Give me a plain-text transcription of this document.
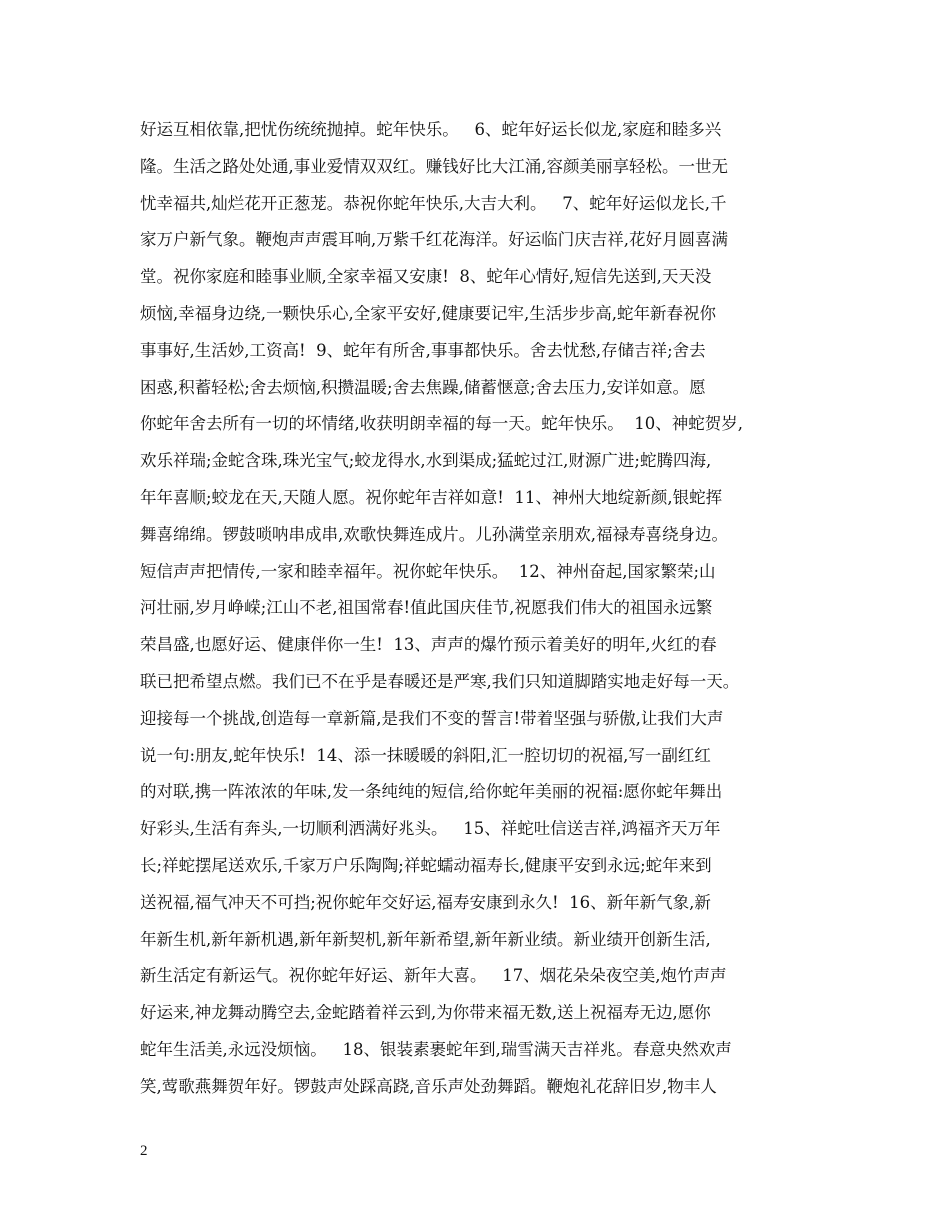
好运互相依靠,把忧伤统统抛掉。蛇年快乐。   6、蛇年好运长似龙,家庭和睦多兴
隆。生活之路处处通,事业爱情双双红。赚钱好比大江涌,容颜美丽享轻松。一世无
忧幸福共,灿烂花开正葱茏。恭祝你蛇年快乐,大吉大利。   7、蛇年好运似龙长,千
家万户新气象。鞭炮声声震耳响,万紫千红花海洋。好运临门庆吉祥,花好月圆喜满
堂。祝你家庭和睦事业顺,全家幸福又安康!  8、蛇年心情好,短信先送到,天天没
烦恼,幸福身边绕,一颗快乐心,全家平安好,健康要记牢,生活步步高,蛇年新春祝你
事事好,生活妙,工资高!  9、蛇年有所舍,事事都快乐。舍去忧愁,存储吉祥;舍去
困惑,积蓄轻松;舍去烦恼,积攒温暖;舍去焦躁,储蓄惬意;舍去压力,安详如意。愿
你蛇年舍去所有一切的坏情绪,收获明朗幸福的每一天。蛇年快乐。  10、神蛇贺岁,
欢乐祥瑞;金蛇含珠,珠光宝气;蛟龙得水,水到渠成;猛蛇过江,财源广进;蛇腾四海,
年年喜顺;蛟龙在天,天随人愿。祝你蛇年吉祥如意!  11、神州大地绽新颜,银蛇挥
舞喜绵绵。锣鼓唢呐串成串,欢歌快舞连成片。儿孙满堂亲朋欢,福禄寿喜绕身边。
短信声声把情传,一家和睦幸福年。祝你蛇年快乐。  12、神州奋起,国家繁荣;山
河壮丽,岁月峥嵘;江山不老,祖国常春!值此国庆佳节,祝愿我们伟大的祖国永远繁
荣昌盛,也愿好运、健康伴你一生!  13、声声的爆竹预示着美好的明年,火红的春
联已把希望点燃。我们已不在乎是春暖还是严寒,我们只知道脚踏实地走好每一天。
迎接每一个挑战,创造每一章新篇,是我们不变的誓言!带着坚强与骄傲,让我们大声
说一句:朋友,蛇年快乐!  14、添一抹暖暖的斜阳,汇一腔切切的祝福,写一副红红
的对联,携一阵浓浓的年味,发一条纯纯的短信,给你蛇年美丽的祝福:愿你蛇年舞出
好彩头,生活有奔头,一切顺利洒满好兆头。   15、祥蛇吐信送吉祥,鸿福齐天万年
长;祥蛇摆尾送欢乐,千家万户乐陶陶;祥蛇蠕动福寿长,健康平安到永远;蛇年来到
送祝福,福气冲天不可挡;祝你蛇年交好运,福寿安康到永久!  16、新年新气象,新
年新生机,新年新机遇,新年新契机,新年新希望,新年新业绩。新业绩开创新生活,
新生活定有新运气。祝你蛇年好运、新年大喜。   17、烟花朵朵夜空美,炮竹声声
好运来,神龙舞动腾空去,金蛇踏着祥云到,为你带来福无数,送上祝福寿无边,愿你
蛇年生活美,永远没烦恼。   18、银装素裹蛇年到,瑞雪满天吉祥兆。春意央然欢声
笑,莺歌燕舞贺年好。锣鼓声处踩高跷,音乐声处劲舞蹈。鞭炮礼花辞旧岁,物丰人
2
